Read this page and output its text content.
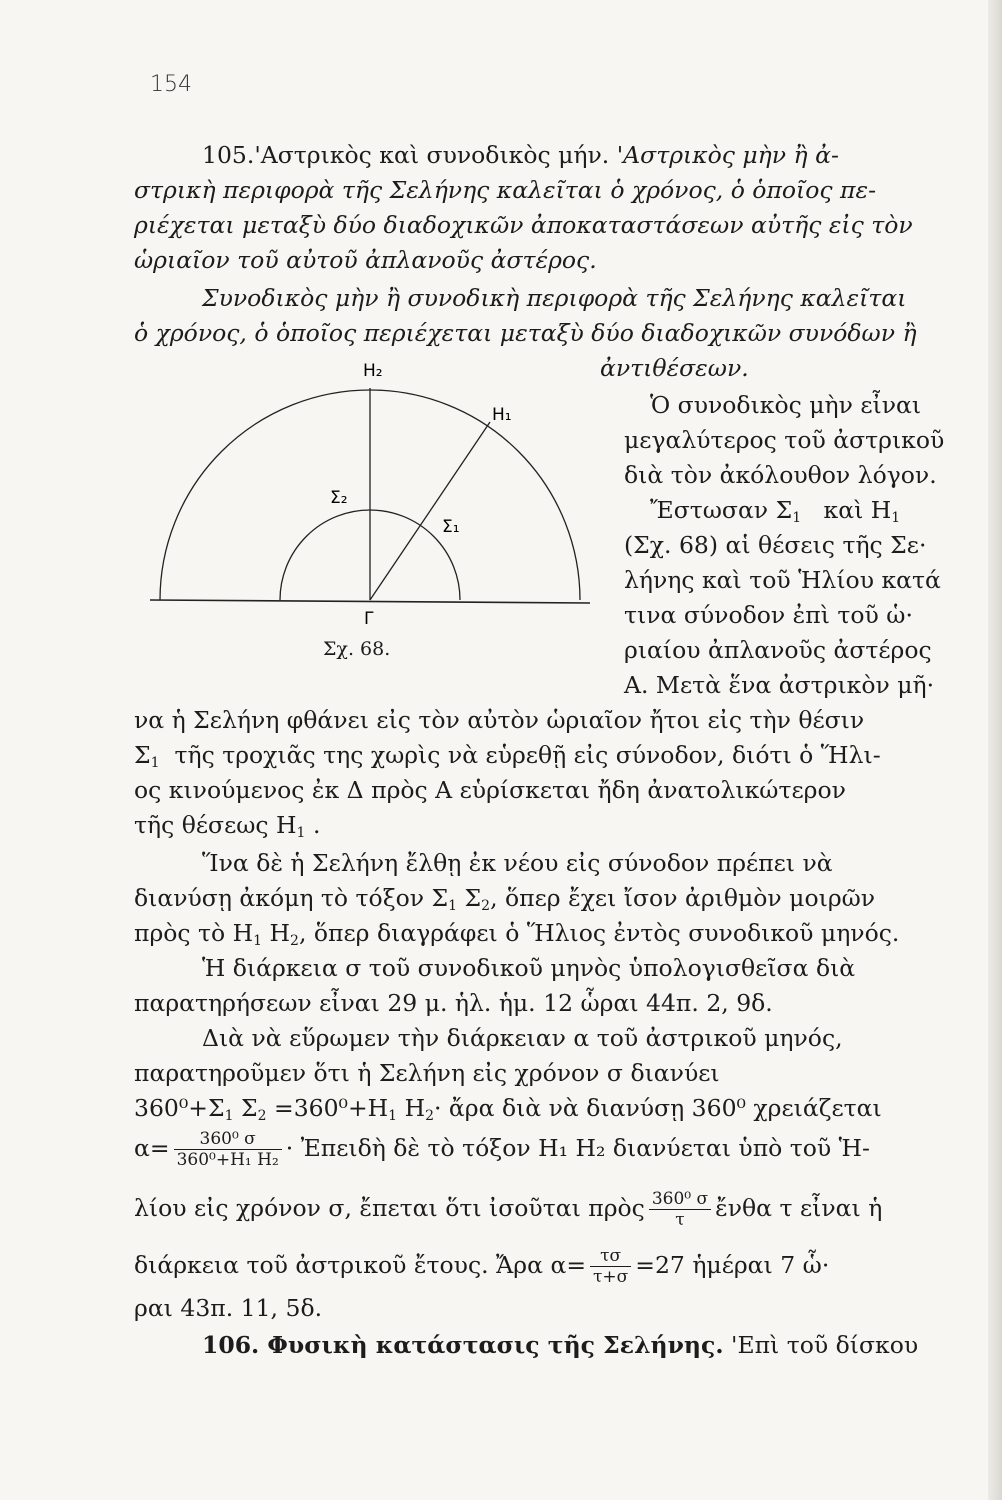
154
105.'Αστρικὸς καὶ συνοδικὸς μήν. 'Αστρικὸς μὴν ἢ ἀ-
στρικὴ περιφορὰ τῆς Σελήνης καλεῖται ὁ χρόνος, ὁ ὁποῖος πε-
ριέχεται μεταξὺ δύο διαδοχικῶν ἀποκαταστάσεων αὐτῆς εἰς τὸν
ὡριαῖον τοῦ αὐτοῦ ἀπλανοῦς ἀστέρος.
Συνοδικὸς μὴν ἢ συνοδικὴ περιφορὰ τῆς Σελήνης καλεῖται
ὁ χρόνος, ὁ ὁποῖος περιέχεται μεταξὺ δύο διαδοχικῶν συνόδων ἢ
ἀντιθέσεων.
Η₂
Η₁
Σ₂
Σ₁
Γ
Σχ. 68.
Ὁ συνοδικὸς μὴν εἶναι
μεγαλύτερος τοῦ ἀστρικοῦ
διὰ τὸν ἀκόλουθον λόγον.
Ἔστωσαν $\Sigma_1$ καὶ $H_1$
(Σχ. 68) αἱ θέσεις τῆς Σε·
λήνης καὶ τοῦ Ἡλίου κατά
τινα σύνοδον ἐπὶ τοῦ ὡ·
ριαίου ἀπλανοῦς ἀστέρος
Α. Μετὰ ἕνα ἀστρικὸν μῆ·
να ἡ Σελήνη φθάνει εἰς τὸν αὐτὸν ὡριαῖον ἤτοι εἰς τὴν θέσιν
$\Sigma_1$ τῆς τροχιᾶς της χωρὶς νὰ εὑρεθῇ εἰς σύνοδον, διότι ὁ Ἥλι-
ος κινούμενος ἐκ Δ πρὸς Α εὑρίσκεται ἤδη ἀνατολικώτερον
τῆς θέσεως $H_1$ .
Ἵνα δὲ ἡ Σελήνη ἔλθῃ ἐκ νέου εἰς σύνοδον πρέπει νὰ
διανύσῃ ἀκόμη τὸ τόξον $\Sigma_1$ $\Sigma_2$, ὅπερ ἔχει ἴσον ἀριθμὸν μοιρῶν
πρὸς τὸ $H_1$ $H_2$, ὅπερ διαγράφει ὁ Ἥλιος ἐντὸς συνοδικοῦ μηνός.
Ἡ διάρκεια σ τοῦ συνοδικοῦ μηνὸς ὑπολογισθεῖσα διὰ
παρατηρήσεων εἶναι 29 μ. ἡλ. ἡμ. 12 ὧραι 44π. 2, 9δ.
Διὰ νὰ εὕρωμεν τὴν διάρκειαν α τοῦ ἀστρικοῦ μηνός,
παρατηροῦμεν ὅτι ἡ Σελήνη εἰς χρόνον σ διανύει
$360^0+\Sigma_1$ $\Sigma_2 =360^0+H_1$ $H_2\cdot$ ἄρα διὰ νὰ διανύσῃ 360⁰ χρειάζεται
$\alpha= \frac{\text{360⁰ σ}}{\text{360⁰+Η₁ Η₂}}$ · Ἐπειδὴ δὲ τὸ τόξον Η₁ Η₂ διανύεται ὑπὸ τοῦ Ἡ-
λίου εἰς χρόνον σ, ἔπεται ὅτι ἰσοῦται πρὸς $\frac{\text{360⁰ σ}}{\tau}$ ἔνθα τ εἶναι ἡ
διάρκεια τοῦ ἀστρικοῦ ἔτους. Ἄρα $\alpha= \frac{\tau\sigma}{\tau+\sigma} =27$ ἡμέραι 7 ὧ·
ραι 43π. 11, 5δ.
106. Φυσικὴ κατάστασις τῆς Σελήνης. 'Επὶ τοῦ δίσκου
